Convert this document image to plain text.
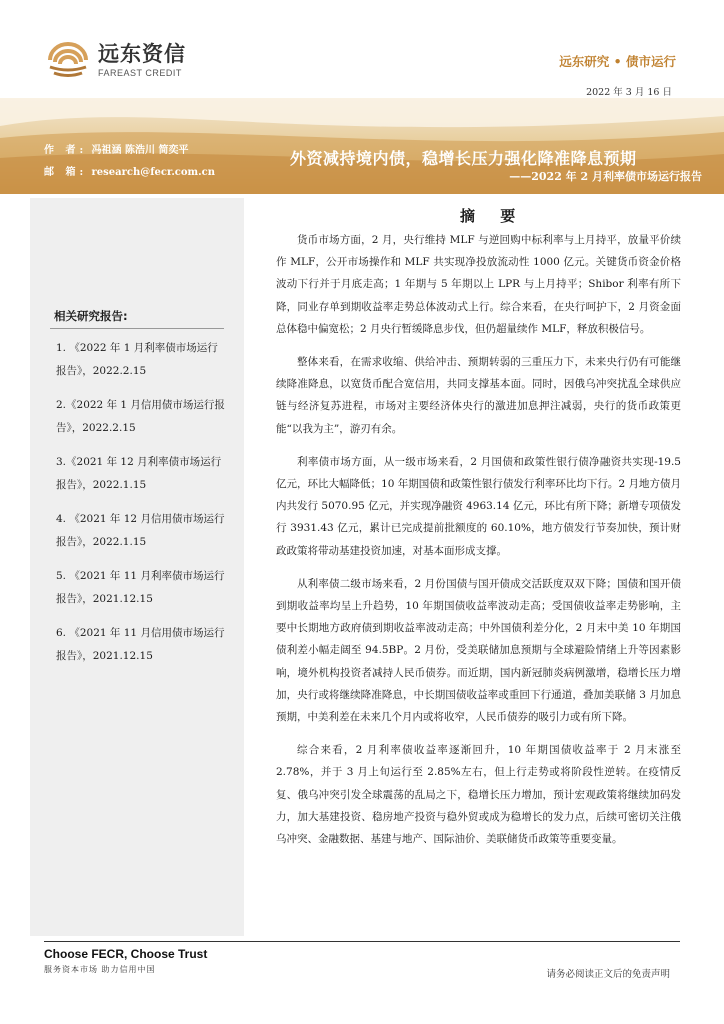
远东资信
FAREAST CREDIT
远东研究 • 债市运行
2022 年 3 月 16 日
作 者: 冯祖涵 陈浩川 简奕平
邮 箱: research@fecr.com.cn
外资减持境内债，稳增长压力强化降准降息预期
——2022 年 2 月利率债市场运行报告
相关研究报告:
1. 《2022 年 1 月利率债市场运行报告》，2022.2.15
2.《2022 年 1 月信用债市场运行报告》，2022.2.15
3.《2021 年 12 月利率债市场运行报告》，2022.1.15
4. 《2021 年 12 月信用债市场运行报告》，2022.1.15
5. 《2021 年 11 月利率债市场运行报告》，2021.12.15
6. 《2021 年 11 月信用债市场运行报告》，2021.12.15
摘 要

货币市场方面，2 月，央行维持 MLF 与逆回购中标利率与上月持平，放量平价续作 MLF，公开市场操作和 MLF 共实现净投放流动性 1000 亿元。关键货币资金价格波动下行并于月底走高；1 年期与 5 年期以上 LPR 与上月持平；Shibor 利率有所下降，同业存单到期收益率走势总体波动式上行。综合来看，在央行呵护下，2 月资金面总体稳中偏宽松；2 月央行暂缓降息步伐，但仍超量续作 MLF，释放积极信号。

整体来看，在需求收缩、供给冲击、预期转弱的三重压力下，未来央行仍有可能继续降准降息，以宽货币配合宽信用，共同支撑基本面。同时，因俄乌冲突扰乱全球供应链与经济复苏进程，市场对主要经济体央行的激进加息押注减弱，央行的货币政策更能“以我为主”，游刃有余。

利率债市场方面，从一级市场来看，2 月国债和政策性银行债净融资共实现-19.5 亿元，环比大幅降低；10 年期国债和政策性银行债发行利率环比均下行。2 月地方债月内共发行 5070.95 亿元，并实现净融资 4963.14 亿元，环比有所下降；新增专项债发行 3931.43 亿元，累计已完成提前批额度的 60.10%，地方债发行节奏加快，预计财政政策将带动基建投资加速，对基本面形成支撑。

从利率债二级市场来看，2 月份国债与国开债成交活跃度双双下降；国债和国开债到期收益率均呈上升趋势，10 年期国债收益率波动走高；受国债收益率走势影响，主要中长期地方政府债到期收益率波动走高；中外国债利差分化，2 月末中美 10 年期国债利差小幅走阔至 94.5BP。2 月份，受美联储加息预期与全球避险情绪上升等因素影响，境外机构投资者减持人民币债券。而近期，国内新冠肺炎病例激增，稳增长压力增加，央行或将继续降准降息，中长期国债收益率或重回下行通道，叠加美联储 3 月加息预期，中美利差在未来几个月内或将收窄，人民币债券的吸引力或有所下降。

综合来看，2 月利率债收益率逐渐回升，10 年期国债收益率于 2 月末涨至 2.78%，并于 3 月上旬运行至 2.85%左右，但上行走势或将阶段性逆转。在疫情反复、俄乌冲突引发全球震荡的乱局之下，稳增长压力增加，预计宏观政策将继续加码发力，加大基建投资、稳房地产投资与稳外贸或成为稳增长的发力点，后续可密切关注俄乌冲突、金融数据、基建与地产、国际油价、美联储货币政策等重要变量。

Choose FECR, Choose Trust
服务资本市场 助力信用中国	请务必阅读正文后的免责声明
